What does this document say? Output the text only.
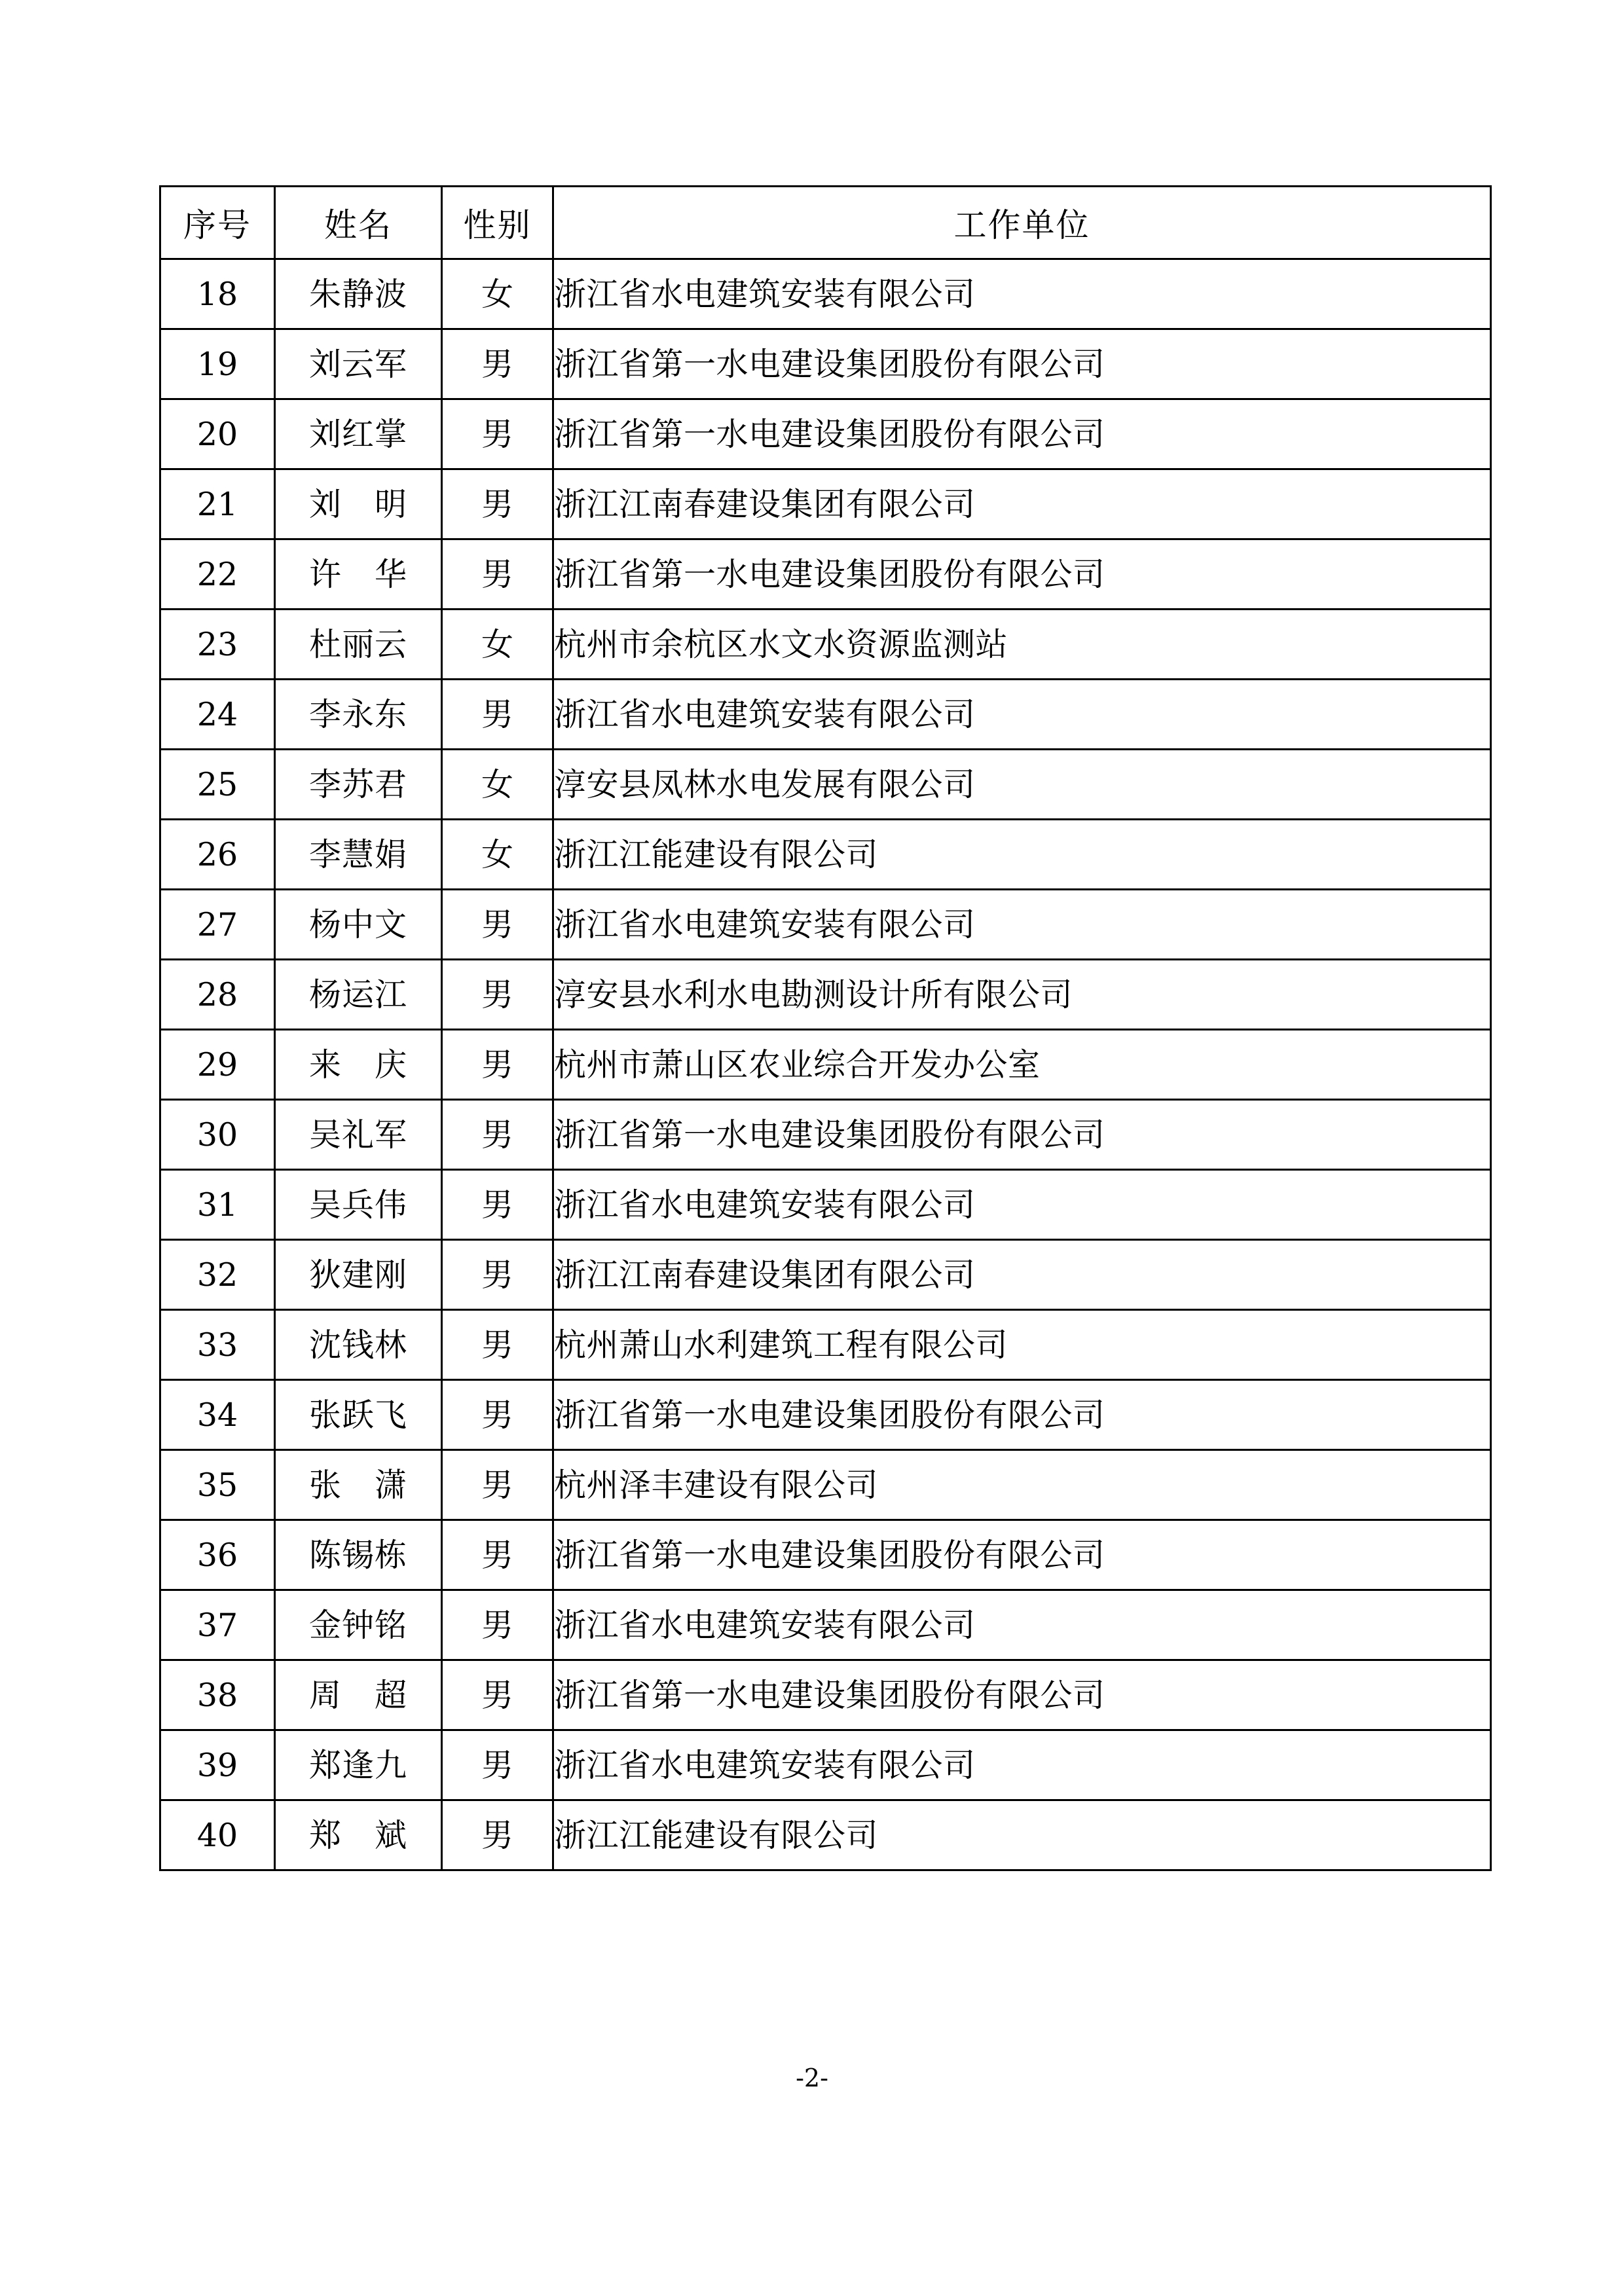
序号	姓名	性别	工作单位
18	朱静波	女	浙江省水电建筑安装有限公司
19	刘云军	男	浙江省第一水电建设集团股份有限公司
20	刘红掌	男	浙江省第一水电建设集团股份有限公司
21	刘　明	男	浙江江南春建设集团有限公司
22	许　华	男	浙江省第一水电建设集团股份有限公司
23	杜丽云	女	杭州市余杭区水文水资源监测站
24	李永东	男	浙江省水电建筑安装有限公司
25	李苏君	女	淳安县凤林水电发展有限公司
26	李慧娟	女	浙江江能建设有限公司
27	杨中文	男	浙江省水电建筑安装有限公司
28	杨运江	男	淳安县水利水电勘测设计所有限公司
29	来　庆	男	杭州市萧山区农业综合开发办公室
30	吴礼军	男	浙江省第一水电建设集团股份有限公司
31	吴兵伟	男	浙江省水电建筑安装有限公司
32	狄建刚	男	浙江江南春建设集团有限公司
33	沈钱林	男	杭州萧山水利建筑工程有限公司
34	张跃飞	男	浙江省第一水电建设集团股份有限公司
35	张　潇	男	杭州泽丰建设有限公司
36	陈锡栋	男	浙江省第一水电建设集团股份有限公司
37	金钟铭	男	浙江省水电建筑安装有限公司
38	周　超	男	浙江省第一水电建设集团股份有限公司
39	郑逢九	男	浙江省水电建筑安装有限公司
40	郑　斌	男	浙江江能建设有限公司
-2-
